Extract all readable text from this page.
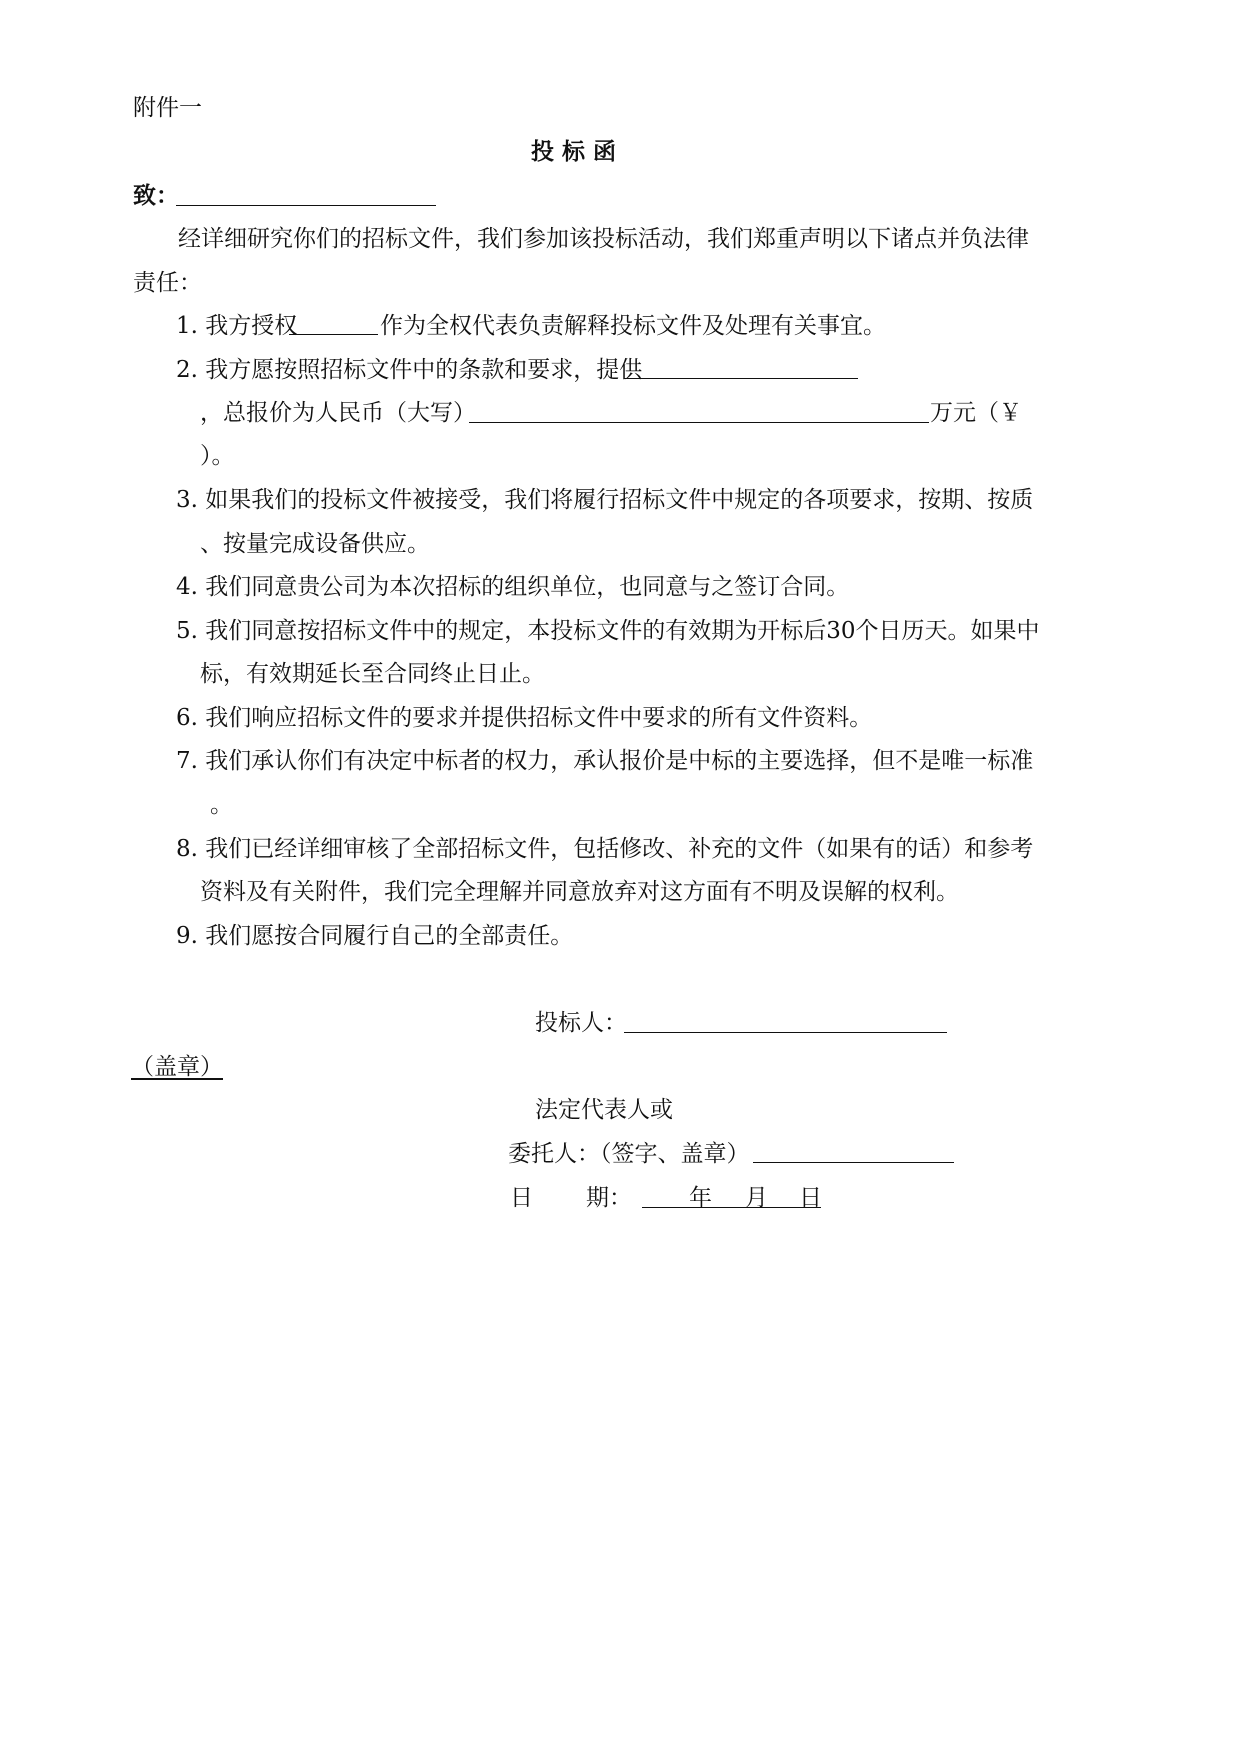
附件一
投 标 函
致：
经详细研究你们的招标文件，我们参加该投标活动，我们郑重声明以下诸点并负法律
责任：
1. 我方授权	作为全权代表负责解释投标文件及处理有关事宜。
2. 我方愿按照招标文件中的条款和要求，提供
，总报价为人民币（大写）	万元（￥
）。
3. 如果我们的投标文件被接受，我们将履行招标文件中规定的各项要求，按期、按质
、按量完成设备供应。
4. 我们同意贵公司为本次招标的组织单位，也同意与之签订合同。
5. 我们同意按招标文件中的规定，本投标文件的有效期为开标后30个日历天。如果中
标，有效期延长至合同终止日止。
6. 我们响应招标文件的要求并提供招标文件中要求的所有文件资料。
7. 我们承认你们有决定中标者的权力，承认报价是中标的主要选择，但不是唯一标准
。
8. 我们已经详细审核了全部招标文件，包括修改、补充的文件（如果有的话）和参考
资料及有关附件，我们完全理解并同意放弃对这方面有不明及误解的权利。
9. 我们愿按合同履行自己的全部责任。
投标人：
（盖章）
法定代表人或
委托人：（签字、盖章）
日 期： 年 月 日
